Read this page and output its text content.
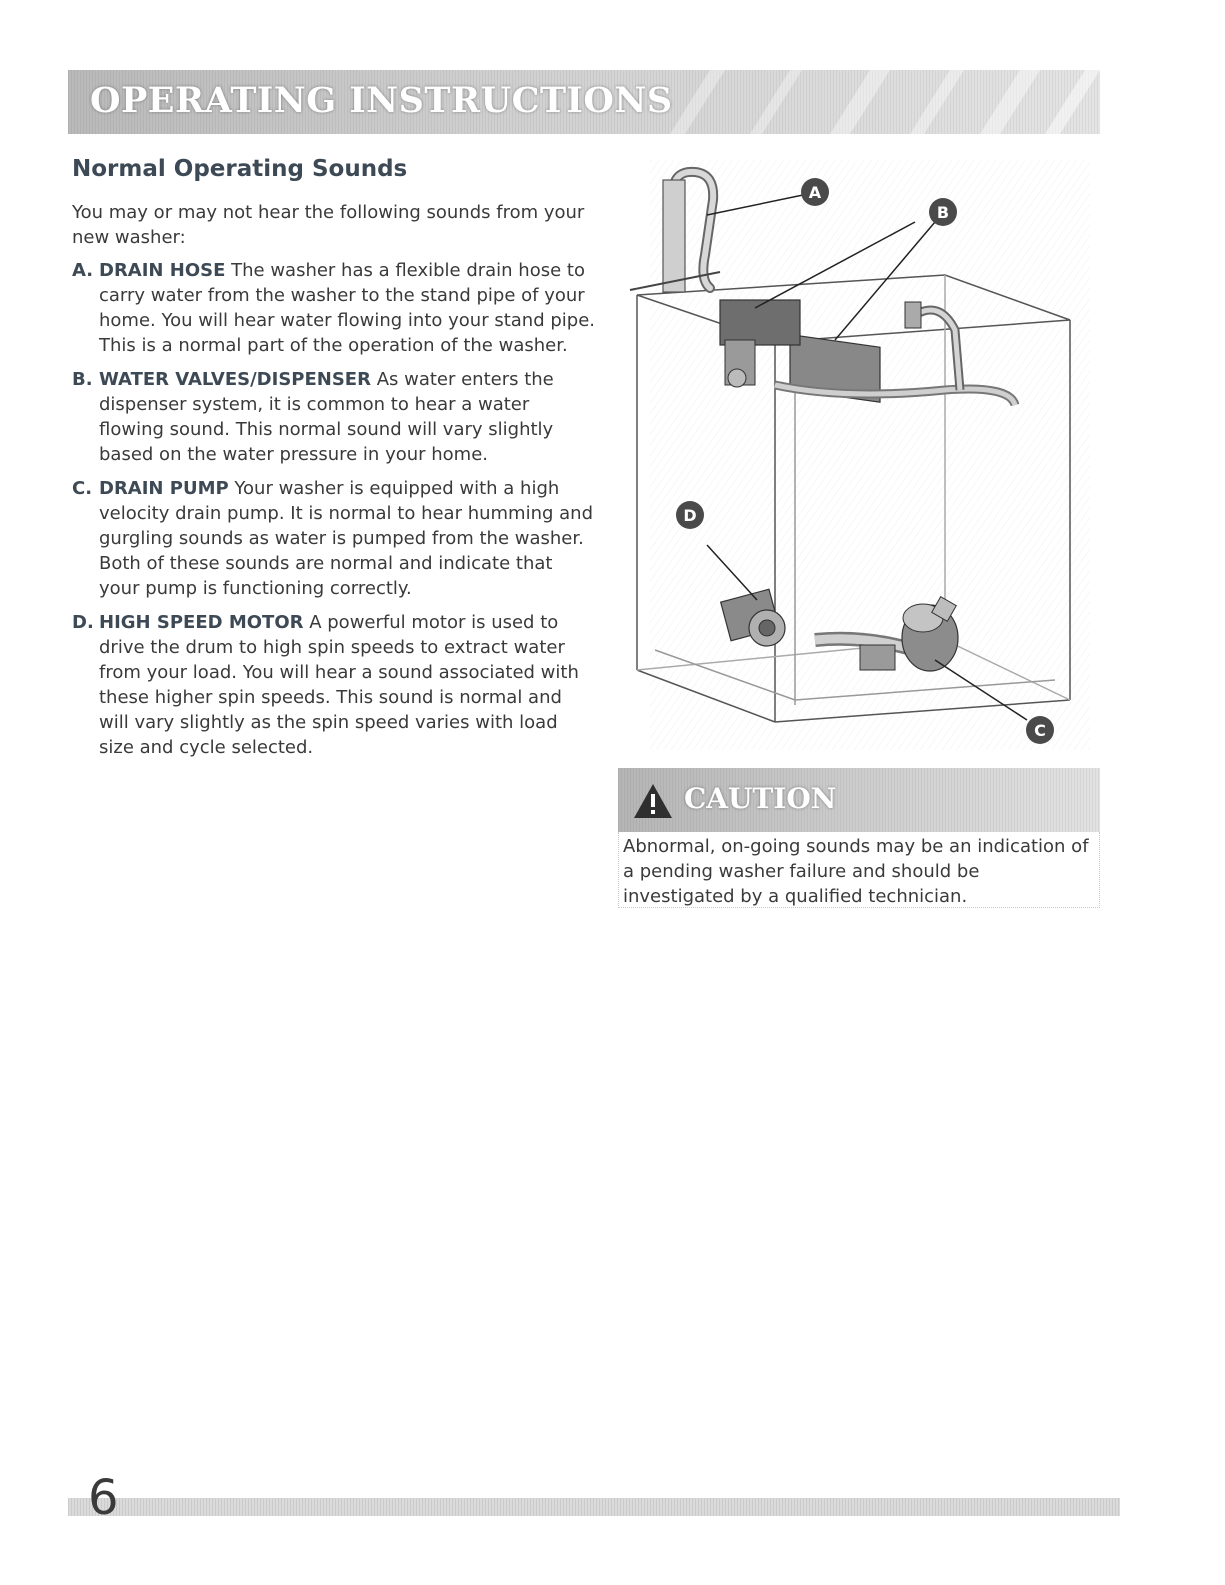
OPERATING INSTRUCTIONS
Normal Operating Sounds

You may or may not hear the following sounds from your new washer:

A. DRAIN HOSE The washer has a flexible drain hose to carry water from the washer to the stand pipe of your home. You will hear water flowing into your stand pipe. This is a normal part of the operation of the washer.
B. WATER VALVES/DISPENSER As water enters the dispenser system, it is common to hear a water flowing sound. This normal sound will vary slightly based on the water pressure in your home.
C. DRAIN PUMP Your washer is equipped with a high velocity drain pump. It is normal to hear humming and gurgling sounds as water is pumped from the washer. Both of these sounds are normal and indicate that your pump is functioning correctly.
D. HIGH SPEED MOTOR A powerful motor is used to drive the drum to high spin speeds to extract water from your load. You will hear a sound associated with these higher spin speeds. This sound is normal and will vary slightly as the spin speed varies with load size and cycle selected.
A
B
C
D
CAUTION

Abnormal, on-going sounds may be an indication of a pending washer failure and should be investigated by a qualified technician.

6
